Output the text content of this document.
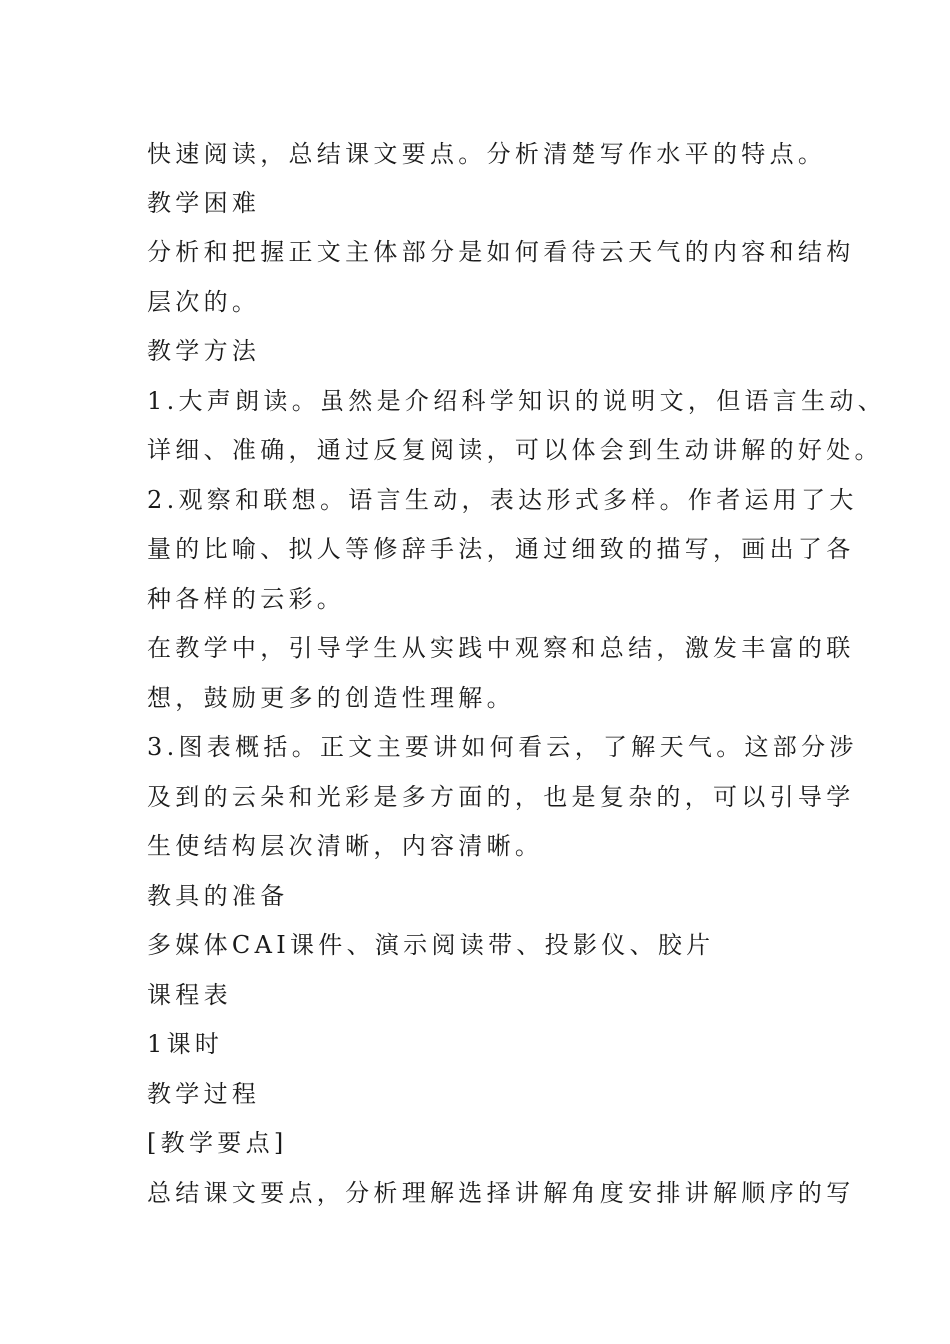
快速阅读，总结课文要点。分析清楚写作水平的特点。
教学困难
分析和把握正文主体部分是如何看待云天气的内容和结构
层次的。
教学方法
1.大声朗读。虽然是介绍科学知识的说明文，但语言生动、
详细、准确，通过反复阅读，可以体会到生动讲解的好处。
2.观察和联想。语言生动，表达形式多样。作者运用了大
量的比喻、拟人等修辞手法，通过细致的描写，画出了各
种各样的云彩。
在教学中，引导学生从实践中观察和总结，激发丰富的联
想，鼓励更多的创造性理解。
3.图表概括。正文主要讲如何看云，了解天气。这部分涉
及到的云朵和光彩是多方面的，也是复杂的，可以引导学
生使结构层次清晰，内容清晰。
教具的准备
多媒体CAI课件、演示阅读带、投影仪、胶片
课程表
1课时
教学过程
[教学要点]
总结课文要点，分析理解选择讲解角度安排讲解顺序的写
